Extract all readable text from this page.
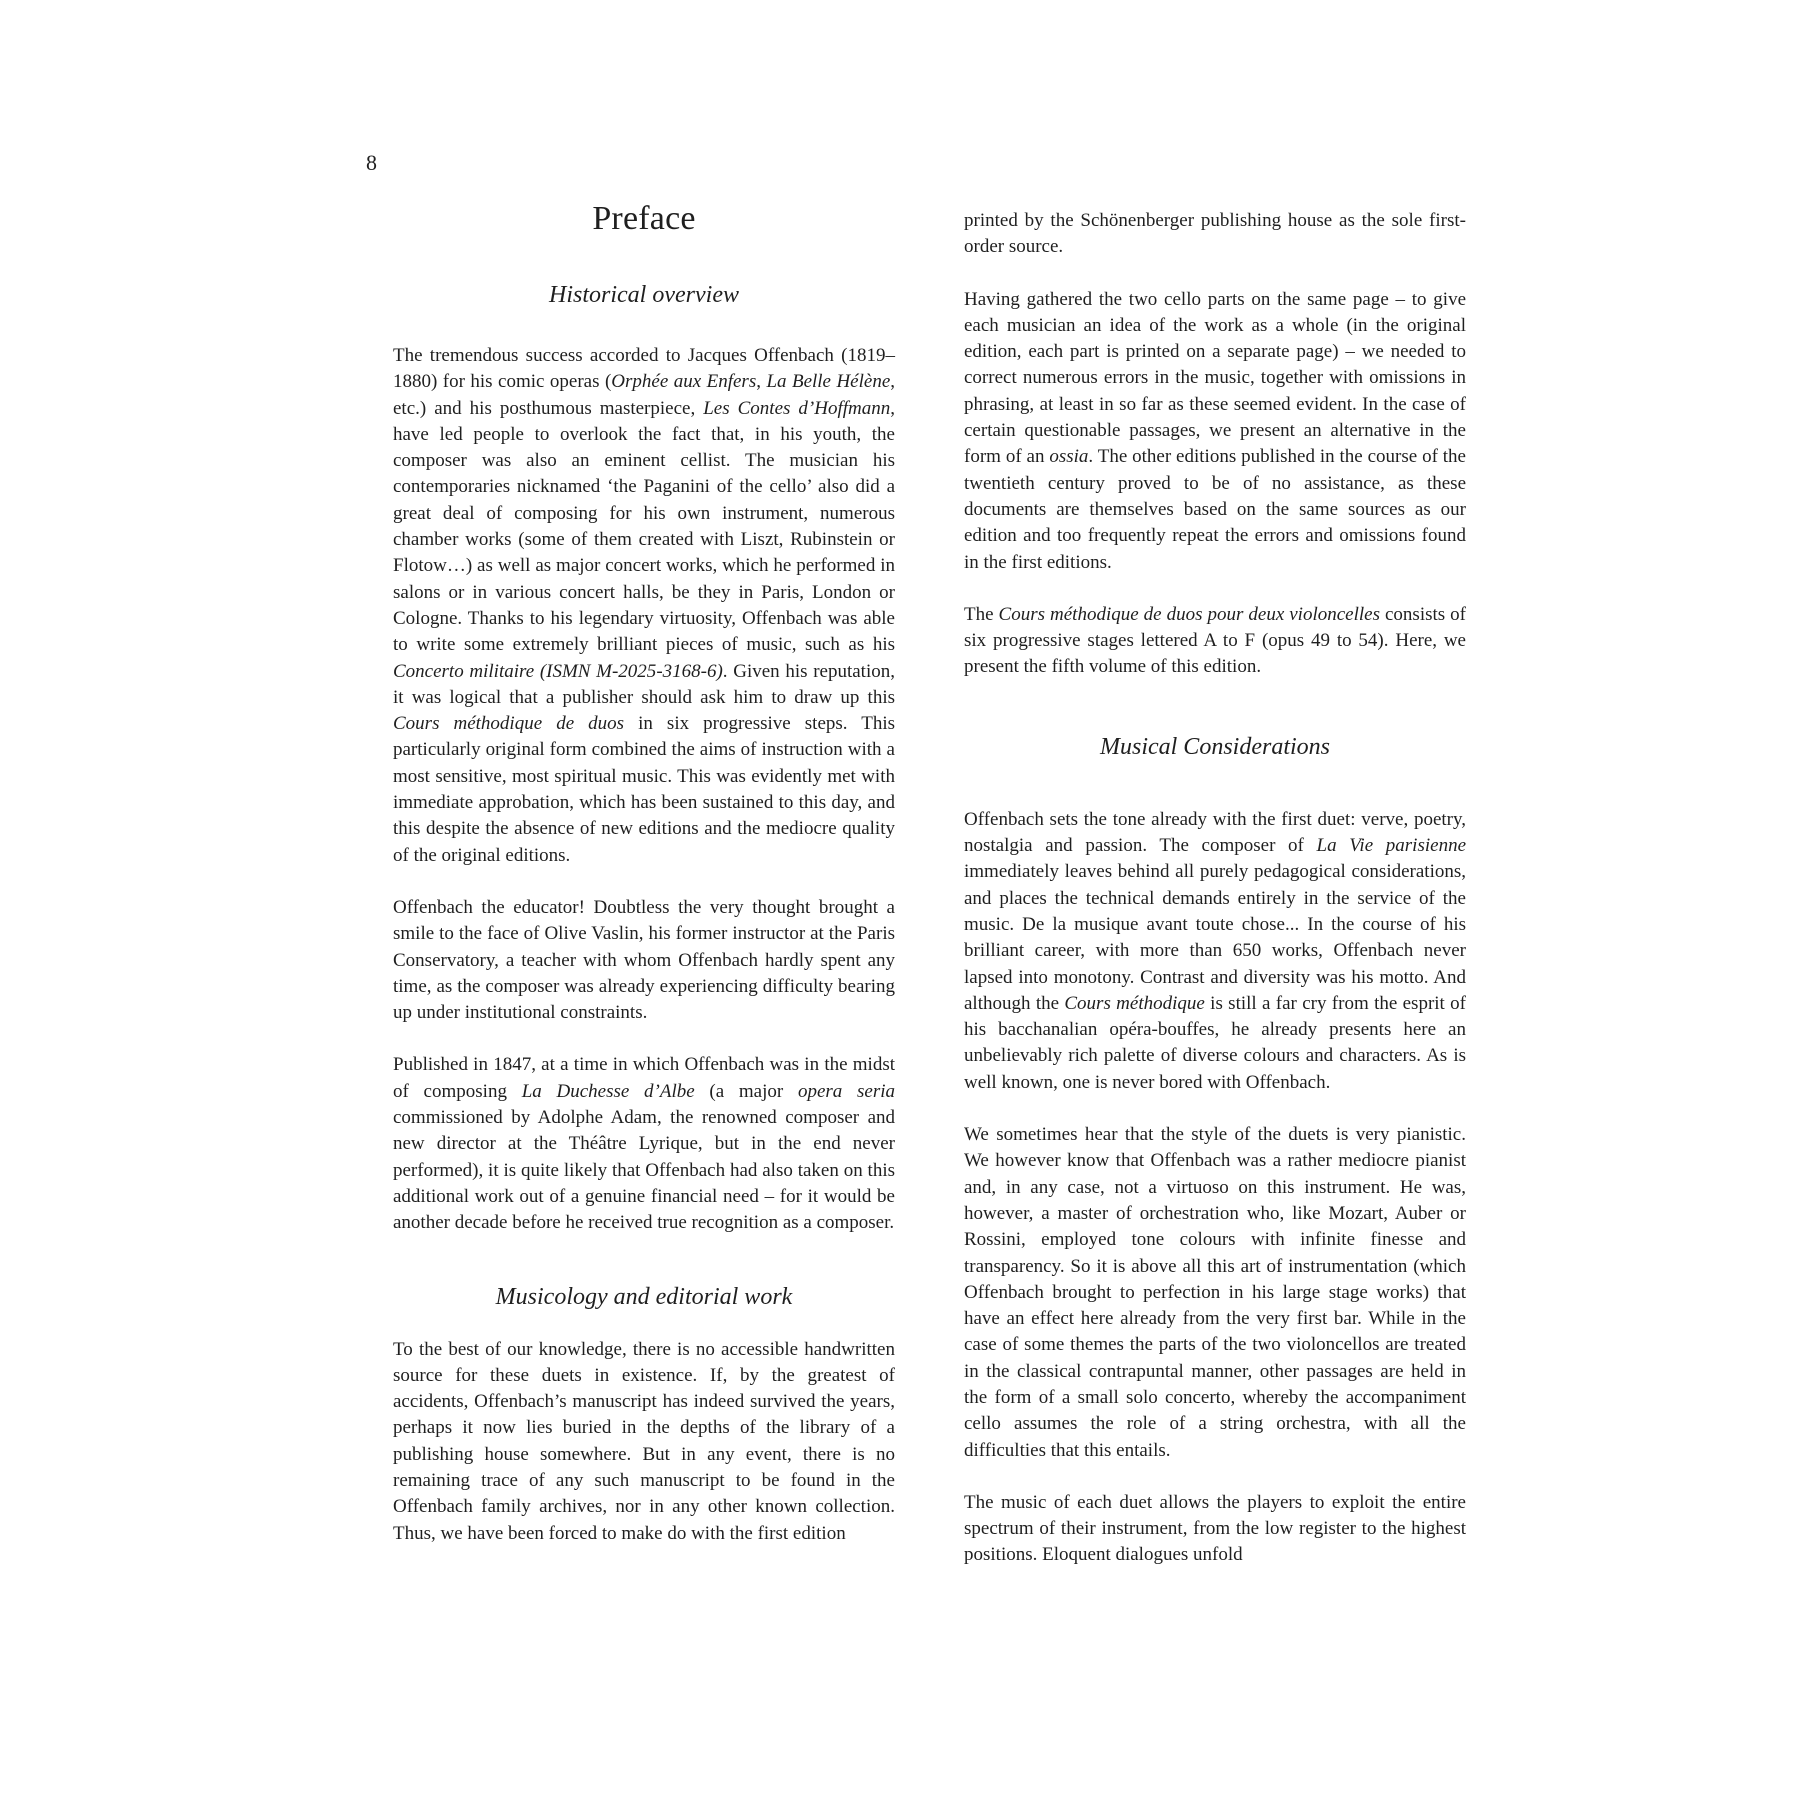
8
Preface
Historical overview

The tremendous success accorded to Jacques Offenbach (1819–1880) for his comic operas (Orphée aux Enfers, La Belle Hélène, etc.) and his posthumous masterpiece, Les Contes d’Hoffmann, have led people to overlook the fact that, in his youth, the composer was also an eminent cellist. The musician his contemporaries nicknamed ‘the Paganini of the cello’ also did a great deal of composing for his own instrument, numerous chamber works (some of them created with Liszt, Rubinstein or Flotow…) as well as major concert works, which he performed in salons or in various concert halls, be they in Paris, London or Cologne. Thanks to his legendary virtuosity, Offenbach was able to write some extremely brilliant pieces of music, such as his Concerto militaire (ISMN M-2025-3168-6). Given his reputation, it was logical that a publisher should ask him to draw up this Cours méthodique de duos in six progressive steps. This particularly original form combined the aims of instruction with a most sensitive, most spiritual music. This was evidently met with immediate approbation, which has been sustained to this day, and this despite the absence of new editions and the mediocre quality of the original editions.

Offenbach the educator! Doubtless the very thought brought a smile to the face of Olive Vaslin, his former instructor at the Paris Conservatory, a teacher with whom Offenbach hardly spent any time, as the composer was already experiencing difficulty bearing up under institutional constraints.

Published in 1847, at a time in which Offenbach was in the midst of composing La Duchesse d’Albe (a major opera seria commissioned by Adolphe Adam, the renowned composer and new director at the Théâtre Lyrique, but in the end never performed), it is quite likely that Offenbach had also taken on this additional work out of a genuine financial need – for it would be another decade before he received true recognition as a composer.

Musicology and editorial work

To the best of our knowledge, there is no accessible handwritten source for these duets in existence. If, by the greatest of accidents, Offenbach’s manuscript has indeed survived the years, perhaps it now lies buried in the depths of the library of a publishing house somewhere. But in any event, there is no remaining trace of any such manuscript to be found in the Offenbach family archives, nor in any other known collection. Thus, we have been forced to make do with the first edition

printed by the Schönenberger publishing house as the sole first-order source.

Having gathered the two cello parts on the same page – to give each musician an idea of the work as a whole (in the original edition, each part is printed on a separate page) – we needed to correct numerous errors in the music, together with omissions in phrasing, at least in so far as these seemed evident. In the case of certain questionable passages, we present an alternative in the form of an ossia. The other editions published in the course of the twentieth century proved to be of no assistance, as these documents are themselves based on the same sources as our edition and too frequently repeat the errors and omissions found in the first editions.

The Cours méthodique de duos pour deux violoncelles consists of six progressive stages lettered A to F (opus 49 to 54). Here, we present the fifth volume of this edition.

Musical Considerations

Offenbach sets the tone already with the first duet: verve, poetry, nostalgia and passion. The composer of La Vie parisienne immediately leaves behind all purely pedagogical considerations, and places the technical demands entirely in the service of the music. De la musique avant toute chose... In the course of his brilliant career, with more than 650 works, Offenbach never lapsed into monotony. Contrast and diversity was his motto. And although the Cours méthodique is still a far cry from the esprit of his bacchanalian opéra-bouffes, he already presents here an unbelievably rich palette of diverse colours and characters. As is well known, one is never bored with Offenbach.

We sometimes hear that the style of the duets is very pianistic. We however know that Offenbach was a rather mediocre pianist and, in any case, not a virtuoso on this instrument. He was, however, a master of orchestration who, like Mozart, Auber or Rossini, employed tone colours with infinite finesse and transparency. So it is above all this art of instrumentation (which Offenbach brought to perfection in his large stage works) that have an effect here already from the very first bar. While in the case of some themes the parts of the two violoncellos are treated in the classical contrapuntal manner, other passages are held in the form of a small solo concerto, whereby the accompaniment cello assumes the role of a string orchestra, with all the difficulties that this entails.

The music of each duet allows the players to exploit the entire spectrum of their instrument, from the low register to the highest positions. Eloquent dialogues unfold
